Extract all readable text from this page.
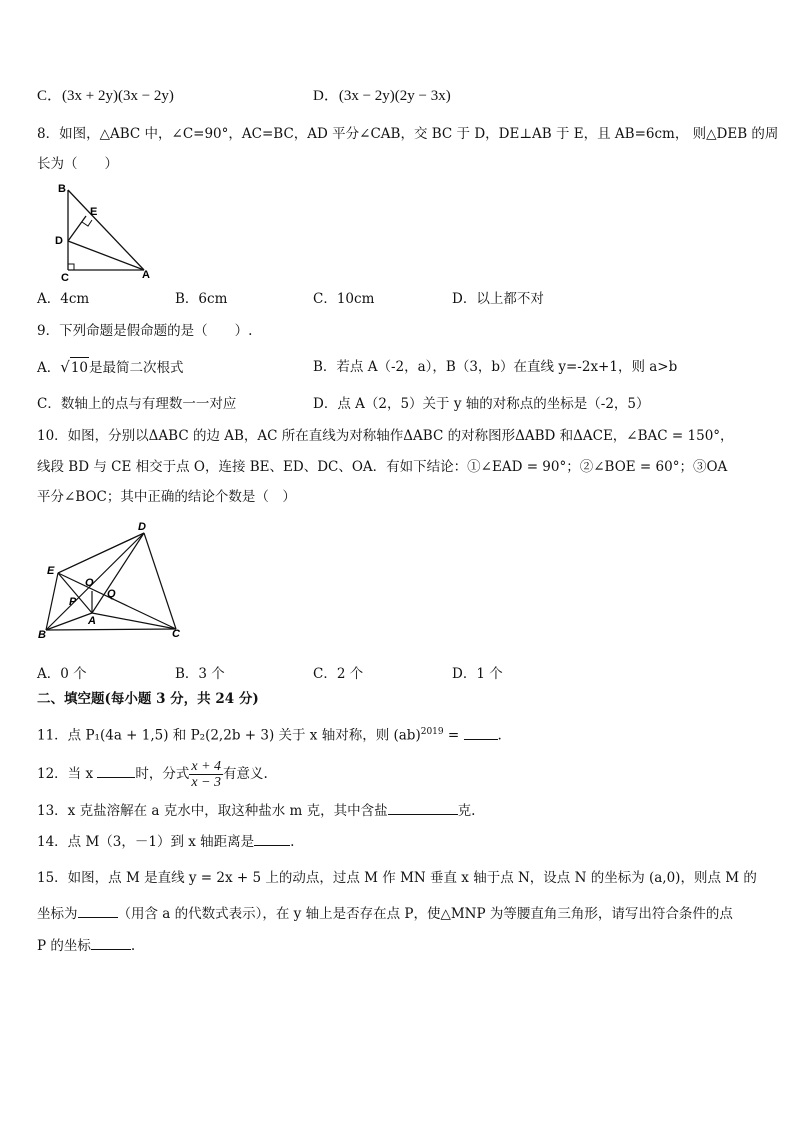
C．(3x + 2y)(3x − 2y)	D．(3x − 2y)(2y − 3x)
8．如图，△ABC 中，∠C=90°，AC=BC，AD 平分∠CAB，交 BC 于 D，DE⊥AB 于 E，且 AB=6cm， 则△DEB 的周
长为（　　）
B
E
D
C	A
A．4cm	B．6cm	C．10cm	D．以上都不对
9．下列命题是假命题的是（　　）.
A．√10是最简二次根式	B．若点 A（-2，a），B（3，b）在直线 y=-2x+1，则 a>b
C．数轴上的点与有理数一一对应	D．点 A（2，5）关于 y 轴的对称点的坐标是（-2，5）
10．如图，分别以ΔABC 的边 AB，AC 所在直线为对称轴作ΔABC 的对称图形ΔABD 和ΔACE，∠BAC = 150°，
线段 BD 与 CE 相交于点 O，连接 BE、ED、DC、OA．有如下结论：①∠EAD = 90°；②∠BOE = 60°；③OA
平分∠BOC；其中正确的结论个数是（　）
D
E
O
P
Q
A
B	C
A．0 个	B．3 个	C．2 个	D．1 个
二、填空题(每小题 3 分，共 24 分)
11．点 P₁(4a + 1,5) 和 P₂(2,2b + 3) 关于 x 轴对称，则 (ab)$^{2019}$ =	.
12．当 x	时，分式 $\frac{x + 4}{x - 3}$ 有意义.
13．x 克盐溶解在 a 克水中，取这种盐水 m 克，其中含盐	克.
14．点 M（3，－1）到 x 轴距离是	.
15．如图，点 M 是直线 y = 2x + 5 上的动点，过点 M 作 MN 垂直 x 轴于点 N，设点 N 的坐标为 (a,0)，则点 M 的
坐标为	（用含 a 的代数式表示），在 y 轴上是否存在点 P，使△MNP 为等腰直角三角形，请写出符合条件的点
P 的坐标	.
